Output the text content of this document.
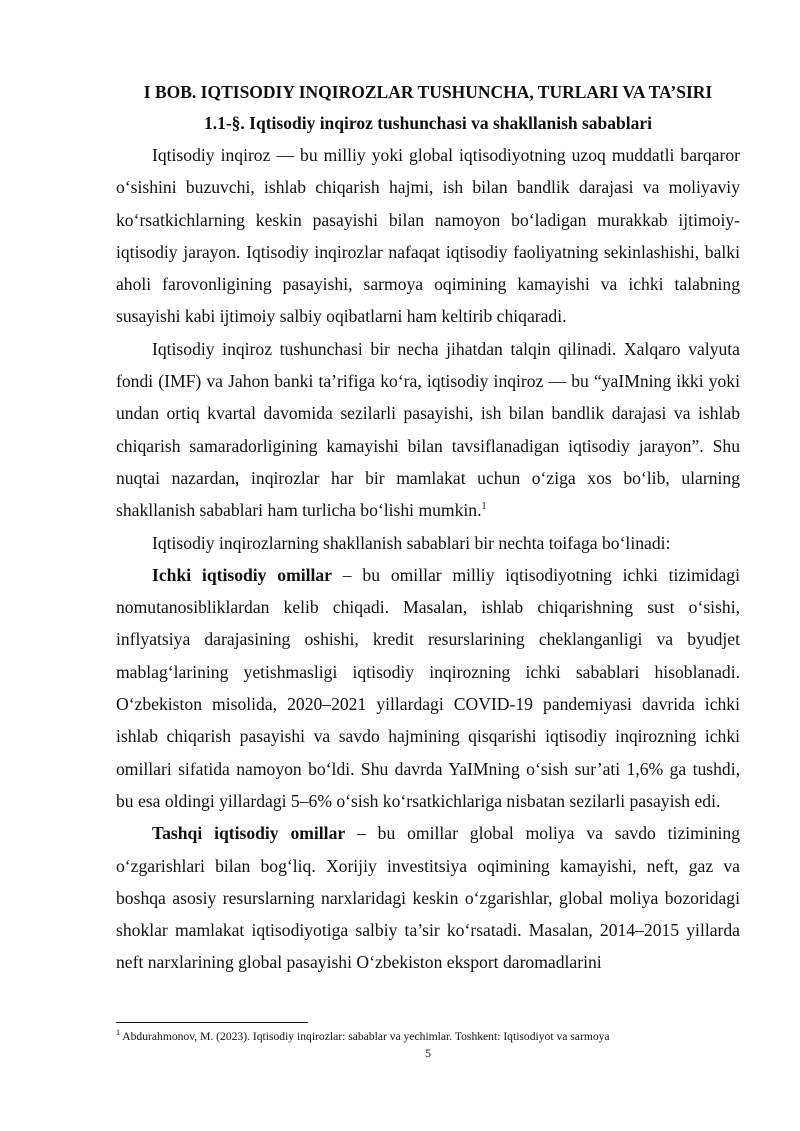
I BOB. IQTISODIY INQIROZLAR TUSHUNCHA, TURLARI VA TA’SIRI
1.1-§. Iqtisodiy inqiroz tushunchasi va shakllanish sabablari

Iqtisodiy inqiroz — bu milliy yoki global iqtisodiyotning uzoq muddatli barqaror o‘sishini buzuvchi, ishlab chiqarish hajmi, ish bilan bandlik darajasi va moliyaviy ko‘rsatkichlarning keskin pasayishi bilan namoyon bo‘ladigan murakkab ijtimoiy-iqtisodiy jarayon. Iqtisodiy inqirozlar nafaqat iqtisodiy faoliyatning sekinlashishi, balki aholi farovonligining pasayishi, sarmoya oqimining kamayishi va ichki talabning susayishi kabi ijtimoiy salbiy oqibatlarni ham keltirib chiqaradi.

Iqtisodiy inqiroz tushunchasi bir necha jihatdan talqin qilinadi. Xalqaro valyuta fondi (IMF) va Jahon banki ta’rifiga ko‘ra, iqtisodiy inqiroz — bu “yaIMning ikki yoki undan ortiq kvartal davomida sezilarli pasayishi, ish bilan bandlik darajasi va ishlab chiqarish samaradorligining kamayishi bilan tavsiflanadigan iqtisodiy jarayon”. Shu nuqtai nazardan, inqirozlar har bir mamlakat uchun o‘ziga xos bo‘lib, ularning shakllanish sabablari ham turlicha bo‘lishi mumkin.$^1$

Iqtisodiy inqirozlarning shakllanish sabablari bir nechta toifaga bo‘linadi:

Ichki iqtisodiy omillar – bu omillar milliy iqtisodiyotning ichki tizimidagi nomutanosibliklardan kelib chiqadi. Masalan, ishlab chiqarishning sust o‘sishi, inflyatsiya darajasining oshishi, kredit resurslarining cheklanganligi va byudjet mablag‘larining yetishmasligi iqtisodiy inqirozning ichki sabablari hisoblanadi. O‘zbekiston misolida, 2020–2021 yillardagi COVID-19 pandemiyasi davrida ichki ishlab chiqarish pasayishi va savdo hajmining qisqarishi iqtisodiy inqirozning ichki omillari sifatida namoyon bo‘ldi. Shu davrda YaIMning o‘sish sur’ati 1,6% ga tushdi, bu esa oldingi yillardagi 5–6% o‘sish ko‘rsatkichlariga nisbatan sezilarli pasayish edi.

Tashqi iqtisodiy omillar – bu omillar global moliya va savdo tizimining o‘zgarishlari bilan bog‘liq. Xorijiy investitsiya oqimining kamayishi, neft, gaz va boshqa asosiy resurslarning narxlaridagi keskin o‘zgarishlar, global moliya bozoridagi shoklar mamlakat iqtisodiyotiga salbiy ta’sir ko‘rsatadi. Masalan, 2014–2015 yillarda neft narxlarining global pasayishi O‘zbekiston eksport daromadlarini

$^1$ Abdurahmonov, M. (2023). Iqtisodiy inqirozlar: sabablar va yechimlar. Toshkent: Iqtisodiyot va sarmoya
5
